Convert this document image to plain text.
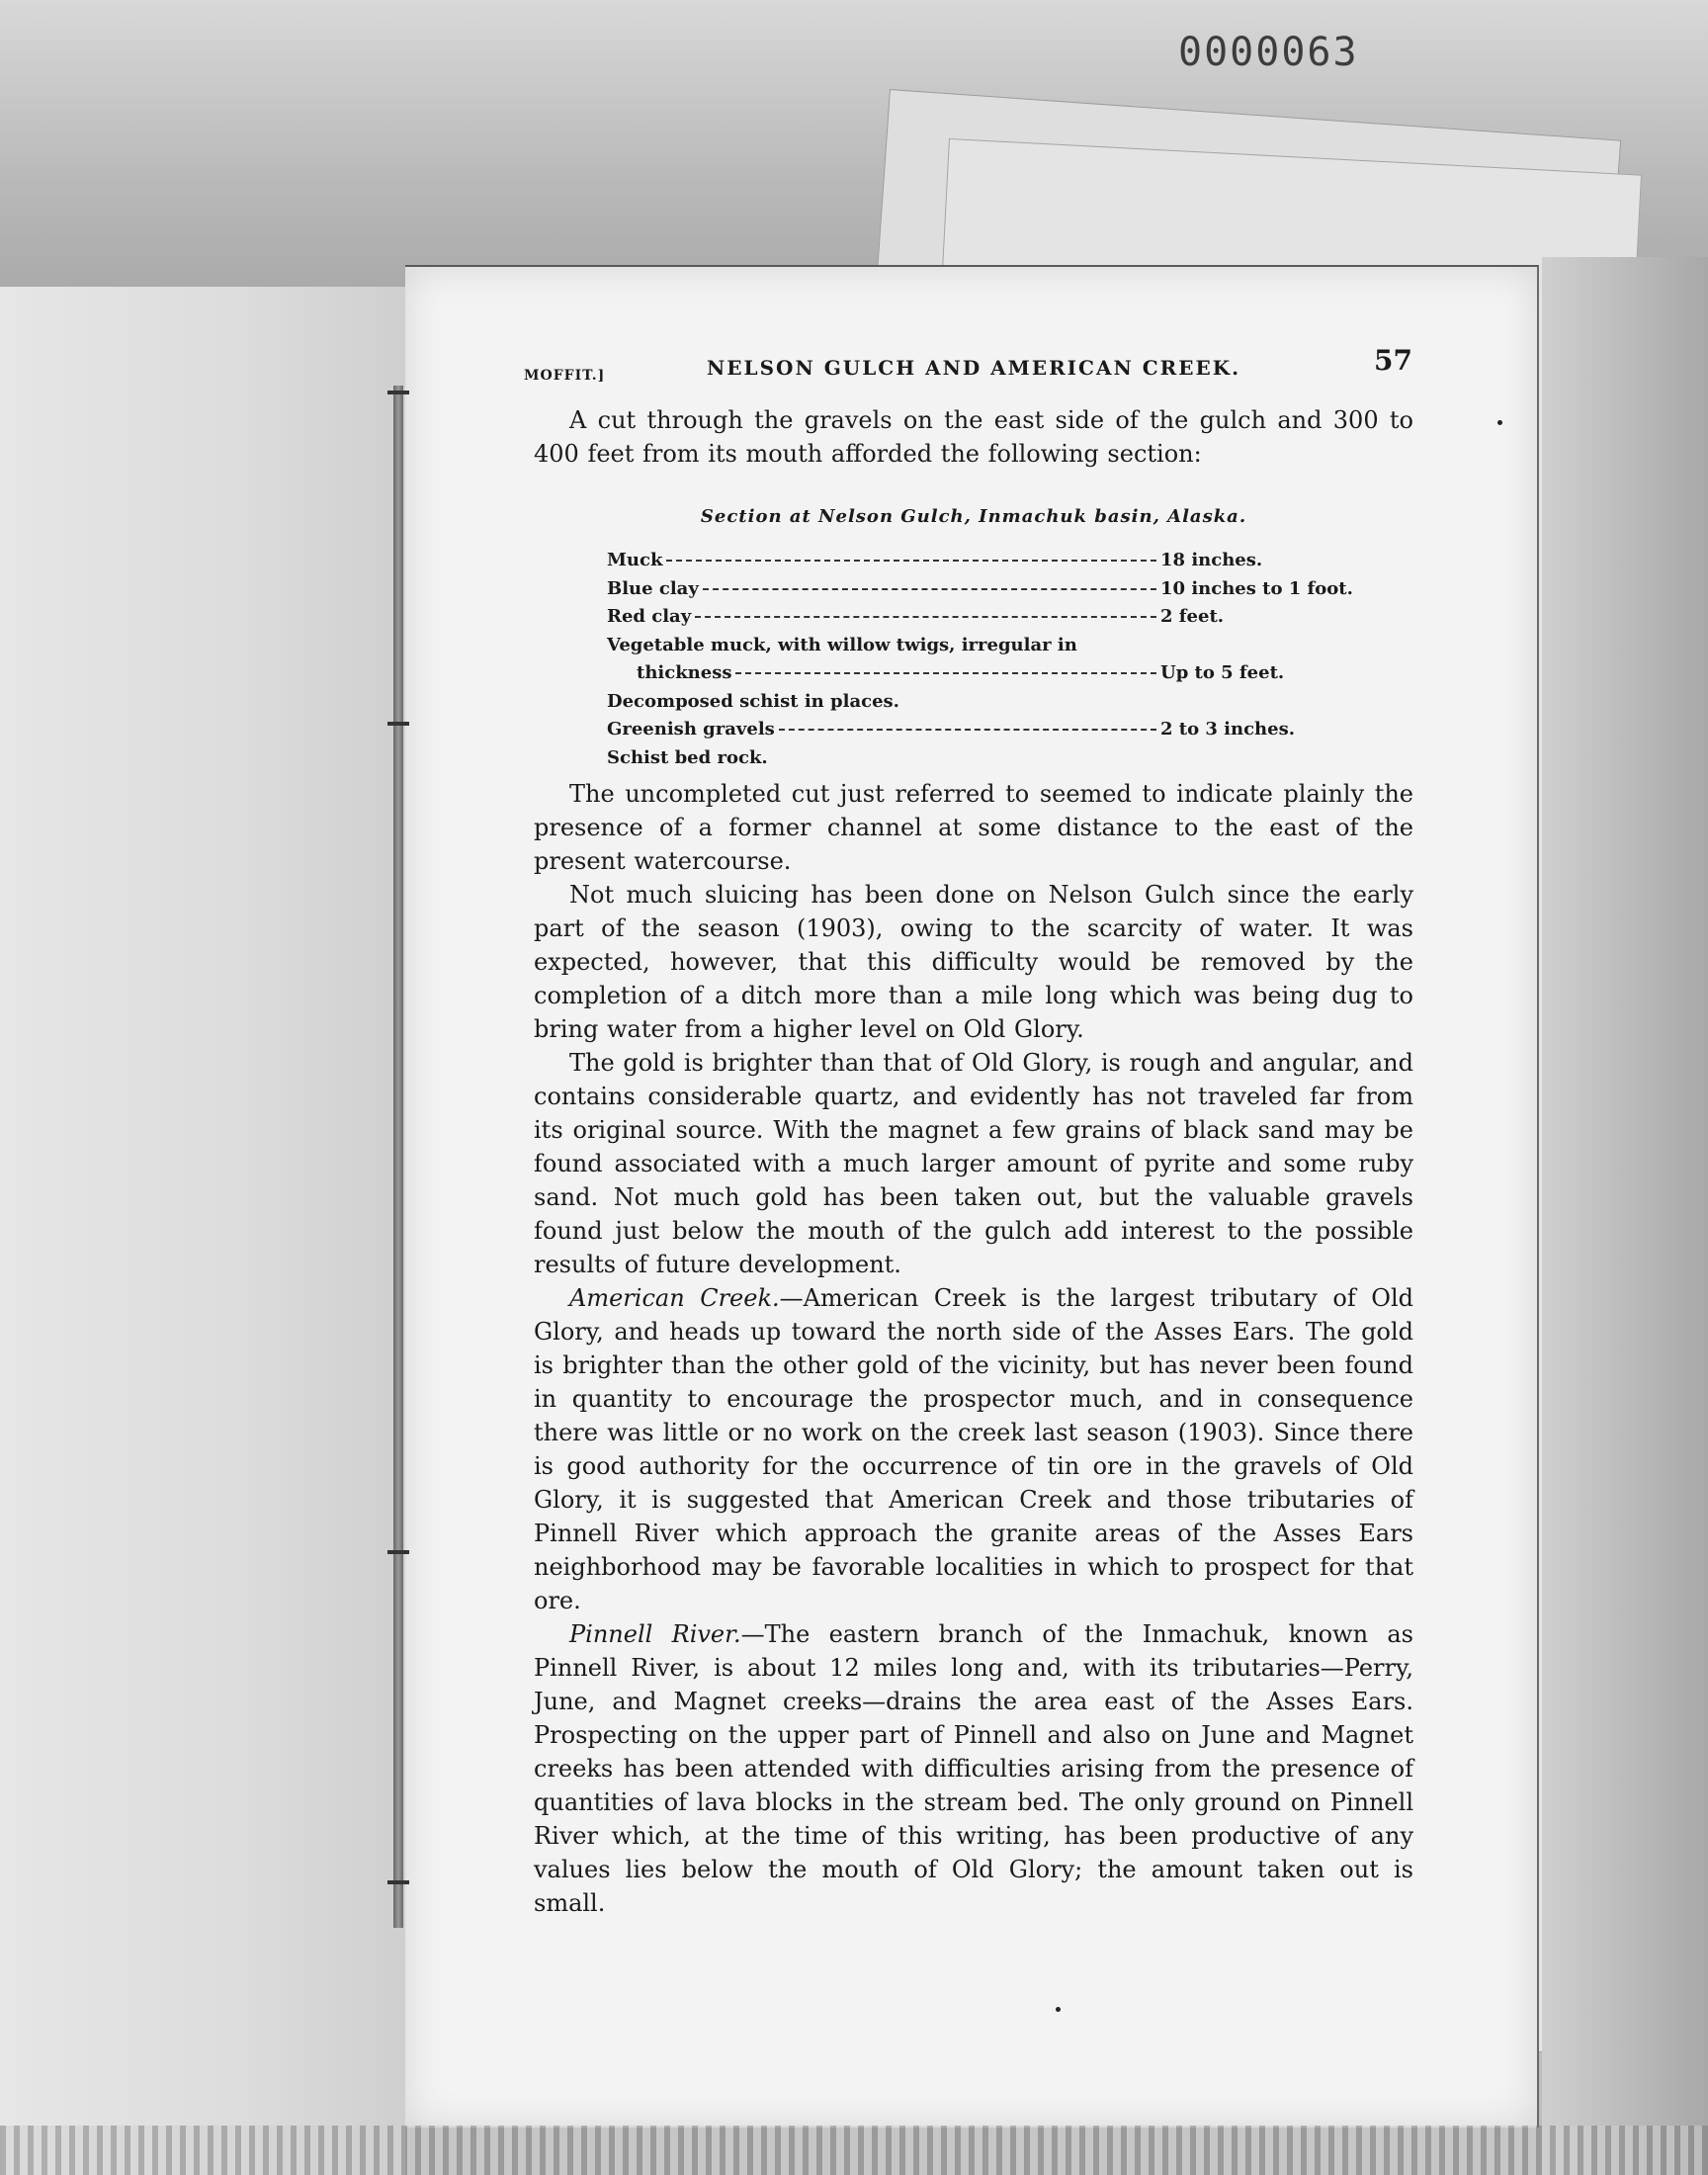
0000063
MOFFIT.]	NELSON GULCH AND AMERICAN CREEK.	57

A cut through the gravels on the east side of the gulch and 300 to 400 feet from its mouth afforded the following section:

Section at Nelson Gulch, Inmachuk basin, Alaska.
Muck	18 inches.
Blue clay	10 inches to 1 foot.
Red clay	2 feet.
Vegetable muck, with willow twigs, irregular in
thickness	Up to 5 feet.
Decomposed schist in places.
Greenish gravels	2 to 3 inches.
Schist bed rock.

The uncompleted cut just referred to seemed to indicate plainly the presence of a former channel at some distance to the east of the present watercourse.

Not much sluicing has been done on Nelson Gulch since the early part of the season (1903), owing to the scarcity of water. It was expected, however, that this difficulty would be removed by the completion of a ditch more than a mile long which was being dug to bring water from a higher level on Old Glory.

The gold is brighter than that of Old Glory, is rough and angular, and contains considerable quartz, and evidently has not traveled far from its original source. With the magnet a few grains of black sand may be found associated with a much larger amount of pyrite and some ruby sand. Not much gold has been taken out, but the valuable gravels found just below the mouth of the gulch add interest to the possible results of future development.

American Creek.—American Creek is the largest tributary of Old Glory, and heads up toward the north side of the Asses Ears. The gold is brighter than the other gold of the vicinity, but has never been found in quantity to encourage the prospector much, and in consequence there was little or no work on the creek last season (1903). Since there is good authority for the occurrence of tin ore in the gravels of Old Glory, it is suggested that American Creek and those tributaries of Pinnell River which approach the granite areas of the Asses Ears neighborhood may be favorable localities in which to prospect for that ore.

Pinnell River.—The eastern branch of the Inmachuk, known as Pinnell River, is about 12 miles long and, with its tributaries—Perry, June, and Magnet creeks—drains the area east of the Asses Ears. Prospecting on the upper part of Pinnell and also on June and Magnet creeks has been attended with difficulties arising from the presence of quantities of lava blocks in the stream bed. The only ground on Pinnell River which, at the time of this writing, has been productive of any values lies below the mouth of Old Glory; the amount taken out is small.
